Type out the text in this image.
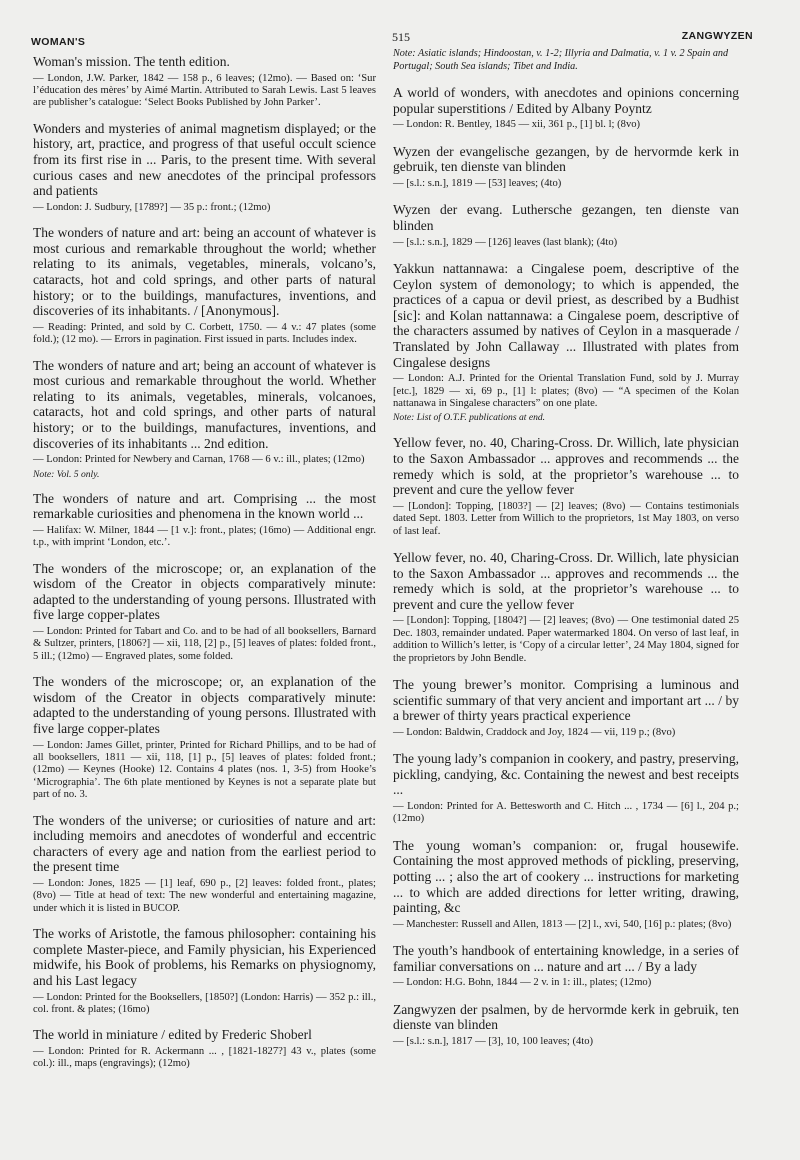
WOMAN'S	515	ZANGWYZEN

Woman's mission. The tenth edition.

— London, J.W. Parker, 1842 — 158 p., 6 leaves; (12mo). — Based on: ‘Sur l’éducation des mères’ by Aimé Martin. Attributed to Sarah Lewis. Last 5 leaves are publisher’s catalogue: ‘Select Books Published by John Parker’.

Wonders and mysteries of animal magnetism displayed; or the history, art, practice, and progress of that useful occult science from its first rise in ... Paris, to the present time. With several curious cases and new anecdotes of the principal professors and patients

— London: J. Sudbury, [1789?] — 35 p.: front.; (12mo)

The wonders of nature and art: being an account of whatever is most curious and remarkable throughout the world; whether relating to its animals, vegetables, minerals, volcano’s, cataracts, hot and cold springs, and other parts of natural history; or to the buildings, manufactures, inventions, and discoveries of its inhabitants. / [Anonymous].

— Reading: Printed, and sold by C. Corbett, 1750. — 4 v.: 47 plates (some fold.); (12 mo). — Errors in pagination. First issued in parts. Includes index.

The wonders of nature and art; being an account of whatever is most curious and remarkable throughout the world. Whether relating to its animals, vegetables, minerals, volcanoes, cataracts, hot and cold springs, and other parts of natural history; or to the buildings, manufactures, inventions, and discoveries of its inhabitants ... 2nd edition.

— London: Printed for Newbery and Carnan, 1768 — 6 v.: ill., plates; (12mo)

Note: Vol. 5 only.

The wonders of nature and art. Comprising ... the most remarkable curiosities and phenomena in the known world ...

— Halifax: W. Milner, 1844 — [1 v.]: front., plates; (16mo) — Additional engr. t.p., with imprint ‘London, etc.’.

The wonders of the microscope; or, an explanation of the wisdom of the Creator in objects comparatively minute: adapted to the understanding of young persons. Illustrated with five large copper-plates

— London: Printed for Tabart and Co. and to be had of all booksellers, Barnard & Sultzer, printers, [1806?] — xii, 118, [2] p., [5] leaves of plates: folded front., 5 ill.; (12mo) — Engraved plates, some folded.

The wonders of the microscope; or, an explanation of the wisdom of the Creator in objects comparatively minute: adapted to the understanding of young persons. Illustrated with five large copper-plates

— London: James Gillet, printer, Printed for Richard Phillips, and to be had of all booksellers, 1811 — xii, 118, [1] p., [5] leaves of plates: folded front.; (12mo) — Keynes (Hooke) 12. Contains 4 plates (nos. 1, 3-5) from Hooke’s ‘Micrographia’. The 6th plate mentioned by Keynes is not a separate plate but part of no. 3.

The wonders of the universe; or curiosities of nature and art: including memoirs and anecdotes of wonderful and eccentric characters of every age and nation from the earliest period to the present time

— London: Jones, 1825 — [1] leaf, 690 p., [2] leaves: folded front., plates; (8vo) — Title at head of text: The new wonderful and entertaining magazine, under which it is listed in BUCOP.

The works of Aristotle, the famous philosopher: containing his complete Master-piece, and Family physician, his Experienced midwife, his Book of problems, his Remarks on physiognomy, and his Last legacy

— London: Printed for the Booksellers, [1850?] (London: Harris) — 352 p.: ill., col. front. & plates; (16mo)

The world in miniature / edited by Frederic Shoberl

— London: Printed for R. Ackermann ... , [1821-1827?] 43 v., plates (some col.): ill., maps (engravings); (12mo)

Note: Asiatic islands; Hindoostan, v. 1-2; Illyria and Dalmatia, v. 1 v. 2 Spain and Portugal; South Sea islands; Tibet and India.

A world of wonders, with anecdotes and opinions concerning popular superstitions / Edited by Albany Poyntz

— London: R. Bentley, 1845 — xii, 361 p., [1] bl. l; (8vo)

Wyzen der evangelische gezangen, by de hervormde kerk in gebruik, ten dienste van blinden

— [s.l.: s.n.], 1819 — [53] leaves; (4to)

Wyzen der evang. Luthersche gezangen, ten dienste van blinden

— [s.l.: s.n.], 1829 — [126] leaves (last blank); (4to)

Yakkun nattannawa: a Cingalese poem, descriptive of the Ceylon system of demonology; to which is appended, the practices of a capua or devil priest, as described by a Budhist [sic]: and Kolan nattannawa: a Cingalese poem, descriptive of the characters assumed by natives of Ceylon in a masquerade / Translated by John Callaway ... Illustrated with plates from Cingalese designs

— London: A.J. Printed for the Oriental Translation Fund, sold by J. Murray [etc.], 1829 — xi, 69 p., [1] l: plates; (8vo) — “A specimen of the Kolan nattanawa in Singalese characters” on one plate.

Note: List of O.T.F. publications at end.

Yellow fever, no. 40, Charing-Cross. Dr. Willich, late physician to the Saxon Ambassador ... approves and recommends ... the remedy which is sold, at the proprietor’s warehouse ... to prevent and cure the yellow fever

— [London]: Topping, [1803?] — [2] leaves; (8vo) — Contains testimonials dated Sept. 1803. Letter from Willich to the proprietors, 1st May 1803, on verso of last leaf.

Yellow fever, no. 40, Charing-Cross. Dr. Willich, late physician to the Saxon Ambassador ... approves and recommends ... the remedy which is sold, at the proprietor’s warehouse ... to prevent and cure the yellow fever

— [London]: Topping, [1804?] — [2] leaves; (8vo) — One testimonial dated 25 Dec. 1803, remainder undated. Paper watermarked 1804. On verso of last leaf, in addition to Willich’s letter, is ‘Copy of a circular letter’, 24 May 1804, signed for the proprietors by John Bendle.

The young brewer’s monitor. Comprising a luminous and scientific summary of that very ancient and important art ... / by a brewer of thirty years practical experience

— London: Baldwin, Craddock and Joy, 1824 — vii, 119 p.; (8vo)

The young lady’s companion in cookery, and pastry, preserving, pickling, candying, &c. Containing the newest and best receipts ...

— London: Printed for A. Bettesworth and C. Hitch ... , 1734 — [6] l., 204 p.; (12mo)

The young woman’s companion: or, frugal housewife. Containing the most approved methods of pickling, preserving, potting ... ; also the art of cookery ... instructions for marketing ... to which are added directions for letter writing, drawing, painting, &c

— Manchester: Russell and Allen, 1813 — [2] l., xvi, 540, [16] p.: plates; (8vo)

The youth’s handbook of entertaining knowledge, in a series of familiar conversations on ... nature and art ... / By a lady

— London: H.G. Bohn, 1844 — 2 v. in 1: ill., plates; (12mo)

Zangwyzen der psalmen, by de hervormde kerk in gebruik, ten dienste van blinden

— [s.l.: s.n.], 1817 — [3], 10, 100 leaves; (4to)
